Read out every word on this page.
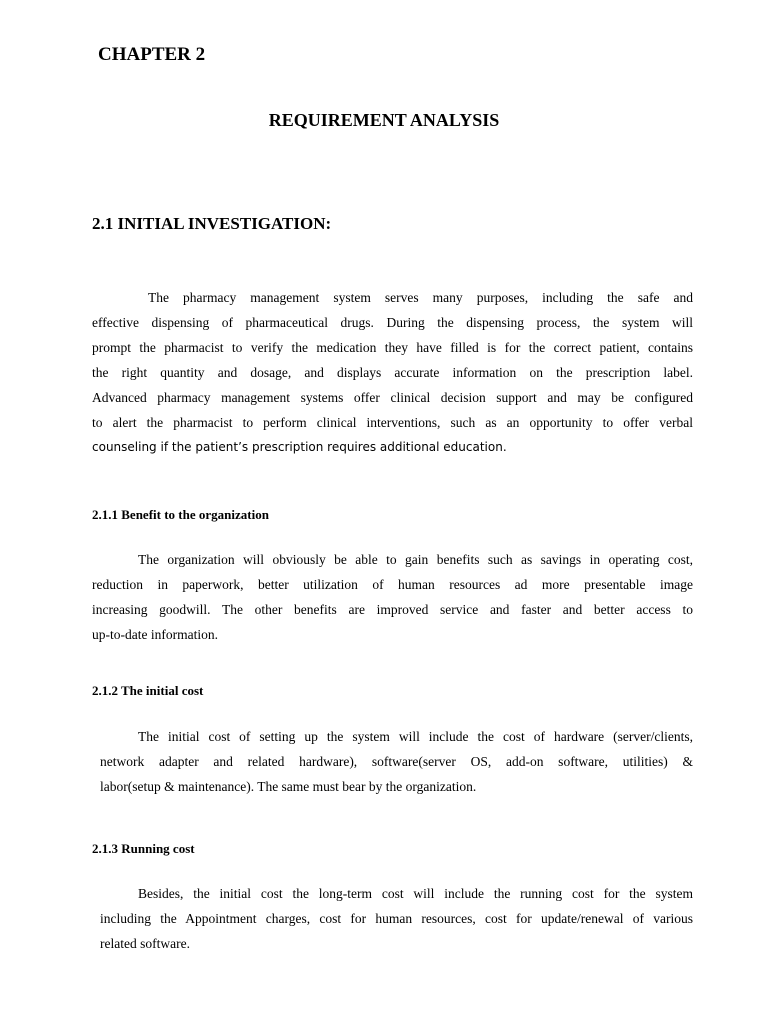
CHAPTER 2
REQUIREMENT ANALYSIS
2.1 INITIAL INVESTIGATION:
The pharmacy management system serves many purposes, including the safe and
effective dispensing of pharmaceutical drugs. During the dispensing process, the system will
prompt the pharmacist to verify the medication they have filled is for the correct patient, contains
the right quantity and dosage, and displays accurate information on the prescription label.
Advanced pharmacy management systems offer clinical decision support and may be configured
to alert the pharmacist to perform clinical interventions, such as an opportunity to offer verbal
counseling if the patient’s prescription requires additional education.
2.1.1 Benefit to the organization
The organization will obviously be able to gain benefits such as savings in operating cost,
reduction in paperwork, better utilization of human resources ad more presentable image
increasing goodwill. The other benefits are improved service and faster and better access to
up-to-date information.
2.1.2 The initial cost
The initial cost of setting up the system will include the cost of hardware (server/clients,
network adapter and related hardware), software(server OS, add-on software, utilities) &
labor(setup & maintenance). The same must bear by the organization.
2.1.3 Running cost
Besides, the initial cost the long-term cost will include the running cost for the system
including the Appointment charges, cost for human resources, cost for update/renewal of various
related software.
